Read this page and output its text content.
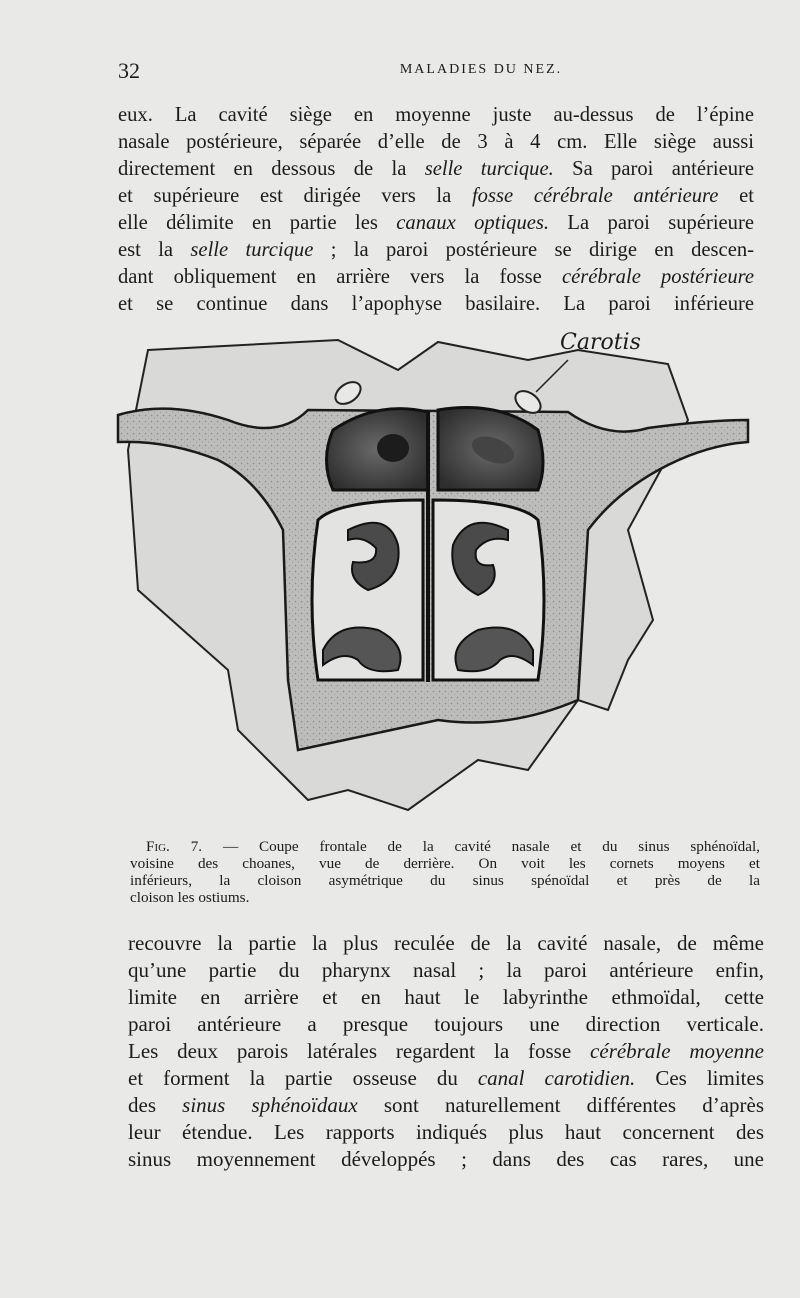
32	MALADIES DU NEZ.

eux. La cavité siège en moyenne juste au-dessus de l’épine
nasale postérieure, séparée d’elle de 3 à 4 cm. Elle siège aussi
directement en dessous de la selle turcique. Sa paroi antérieure
et supérieure est dirigée vers la fosse cérébrale antérieure et
elle délimite en partie les canaux optiques. La paroi supérieure
est la selle turcique ; la paroi postérieure se dirige en descen-
dant obliquement en arrière vers la fosse cérébrale postérieure
et se continue dans l’apophyse basilaire. La paroi inférieure

Carotis

Fig. 7. — Coupe frontale de la cavité nasale et du sinus sphénoïdal,
voisine des choanes, vue de derrière. On voit les cornets moyens et
inférieurs, la cloison asymétrique du sinus spénoïdal et près de la
cloison les ostiums.

recouvre la partie la plus reculée de la cavité nasale, de même
qu’une partie du pharynx nasal ; la paroi antérieure enfin,
limite en arrière et en haut le labyrinthe ethmoïdal, cette
paroi antérieure a presque toujours une direction verticale.
Les deux parois latérales regardent la fosse cérébrale moyenne
et forment la partie osseuse du canal carotidien. Ces limites
des sinus sphénoïdaux sont naturellement différentes d’après
leur étendue. Les rapports indiqués plus haut concernent des
sinus moyennement développés ; dans des cas rares, une
